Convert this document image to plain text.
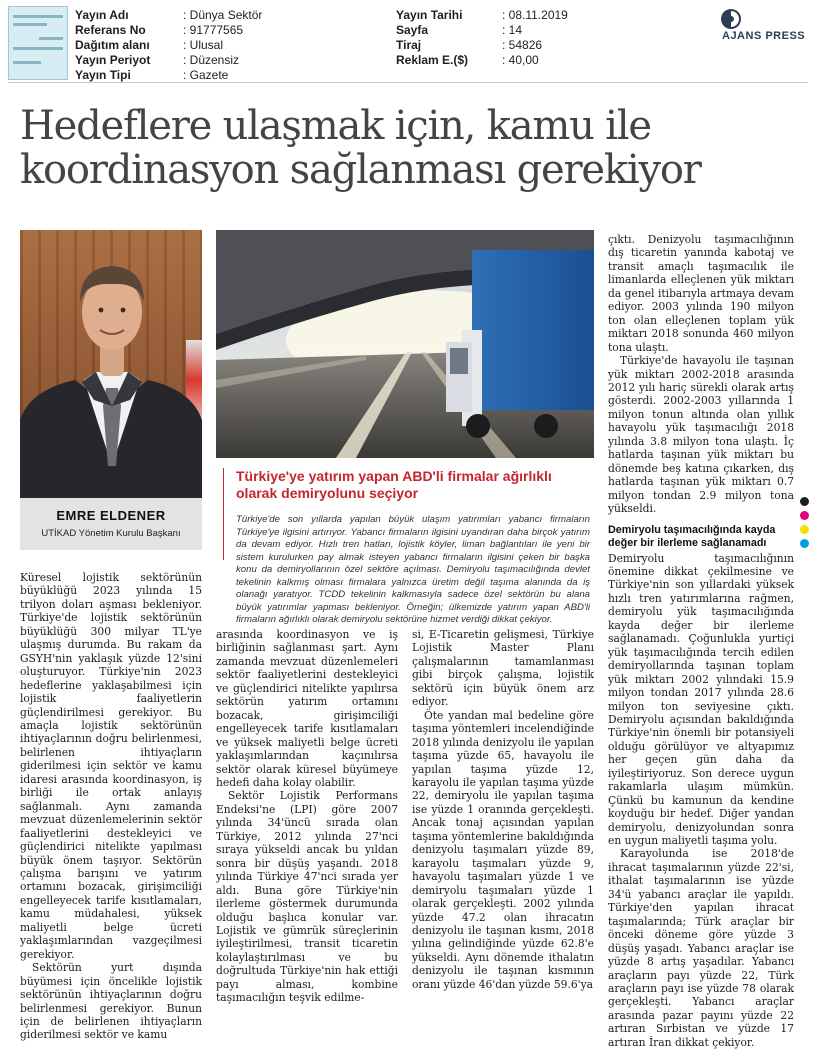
Yayın Adı	: Dünya Sektör
Referans No	: 91777565
Dağıtım alanı	: Ulusal
Yayın Periyot	: Düzensiz
Yayın Tipi	: Gazete
Yayın Tarihi	: 08.11.2019
Sayfa	: 14
Tiraj	: 54826
Reklam E.($)	: 40,00
AJANS PRESS
Hedeflere ulaşmak için, kamu ile koordinasyon sağlanması gerekiyor
EMRE ELDENER
UTİKAD Yönetim Kurulu Başkanı
Türkiye'ye yatırım yapan ABD'li firmalar ağırlıklı olarak demiryolunu seçiyor

Türkiye'de son yıllarda yapılan büyük ulaşım yatırımları yabancı firmaların Türkiye'ye ilgisini artırıyor. Yabancı firmaların ilgisini uyandıran daha birçok yatırım da devam ediyor. Hızlı tren hatları, lojistik köyler, liman bağlantıları ile yeni bir sistem kurulurken pay almak isteyen yabancı firmaların ilgisini çeken bir başka konu da demiryollarının özel sektöre açılması. Demiryolu taşımacılığında devlet tekelinin kalkmış olması firmalara yalnızca üretim değil taşıma alanında da iş olanağı yaratıyor. TCDD tekelinin kalkmasıyla sadece özel sektörün bu alana büyük yatırımlar yapması bekleniyor. Örneğin; ülkemizde yatırım yapan ABD'li firmaların ağırlıklı olarak demiryolu sektörüne hizmet verdiği dikkat çekiyor.

Küresel lojistik sektörünün büyüklüğü 2023 yılında 15 trilyon doları aşması bekleniyor. Türkiye'de lojistik sektörünün büyüklüğü 300 milyar TL'ye ulaşmış durumda. Bu rakam da GSYH'nin yaklaşık yüzde 12'sini oluşturuyor. Türkiye'nin 2023 hedeflerine yaklaşabilmesi için lojistik faaliyetlerin güçlendirilmesi gerekiyor. Bu amaçla lojistik sektörünün ihtiyaçlarının doğru belirlenmesi, belirlenen ihtiyaçların giderilmesi için sektör ve kamu idaresi arasında koordinasyon, iş birliği ile ortak anlayış sağlanmalı. Aynı zamanda mevzuat düzenlemelerinin sektör faaliyetlerini destekleyici ve güçlendirici nitelikte yapılması büyük önem taşıyor. Sektörün çalışma barışını ve yatırım ortamını bozacak, girişimciliği engelleyecek tarife kısıtlamaları, kamu müdahalesi, yüksek maliyetli belge ücreti yaklaşımlarından vazgeçilmesi gerekiyor.

Sektörün yurt dışında büyümesi için öncelikle lojistik sektörünün ihtiyaçlarının doğru belirlenmesi gerekiyor. Bunun için de belirlenen ihtiyaçların giderilmesi sektör ve kamu

arasında koordinasyon ve iş birliğinin sağlanması şart. Aynı zamanda mevzuat düzenlemeleri sektör faaliyetlerini destekleyici ve güçlendirici nitelikte yapılırsa sektörün yatırım ortamını bozacak, girişimciliği engelleyecek tarife kısıtlamaları ve yüksek maliyetli belge ücreti yaklaşımlarından kaçınılırsa sektör olarak küresel büyümeye hedefi daha kolay olabilir.

Sektör Lojistik Performans Endeksi'ne (LPI) göre 2007 yılında 34'üncü sırada olan Türkiye, 2012 yılında 27'nci sıraya yükseldi ancak bu yıldan sonra bir düşüş yaşandı. 2018 yılında Türkiye 47'nci sırada yer aldı. Buna göre Türkiye'nin ilerleme göstermek durumunda olduğu başlıca konular var. Lojistik ve gümrük süreçlerinin iyileştirilmesi, transit ticaretin kolaylaştırılması ve bu doğrultuda Türkiye'nin hak ettiği payı alması, kombine taşımacılığın teşvik edilme-

si, E-Ticaretin gelişmesi, Türkiye Lojistik Master Planı çalışmalarının tamamlanması gibi birçok çalışma, lojistik sektörü için büyük önem arz ediyor.

Öte yandan mal bedeline göre taşıma yöntemleri incelendiğinde 2018 yılında denizyolu ile yapılan taşıma yüzde 65, havayolu ile yapılan taşıma yüzde 12, karayolu ile yapılan taşıma yüzde 22, demiryolu ile yapılan taşıma ise yüzde 1 oranında gerçekleşti. Ancak tonaj açısından yapılan taşıma yöntemlerine bakıldığında denizyolu taşımaları yüzde 89, karayolu taşımaları yüzde 9, havayolu taşımaları yüzde 1 ve demiryolu taşımaları yüzde 1 olarak gerçekleşti. 2002 yılında yüzde 47.2 olan ihracatın denizyolu ile taşınan kısmı, 2018 yılına gelindiğinde yüzde 62.8'e yükseldi. Aynı dönemde ithalatın denizyolu ile taşınan kısmının oranı yüzde 46'dan yüzde 59.6'ya

çıktı. Denizyolu taşımacılığının dış ticaretin yanında kabotaj ve transit amaçlı taşımacılık ile limanlarda elleçlenen yük miktarı da genel itibarıyla artmaya devam ediyor. 2003 yılında 190 milyon ton olan elleçlenen toplam yük miktarı 2018 sonunda 460 milyon tona ulaştı.

Türkiye'de havayolu ile taşınan yük miktarı 2002-2018 arasında 2012 yılı hariç sürekli olarak artış gösterdi. 2002-2003 yıllarında 1 milyon tonun altında olan yıllık havayolu yük taşımacılığı 2018 yılında 3.8 milyon tona ulaştı. İç hatlarda taşınan yük miktarı bu dönemde beş katına çıkarken, dış hatlarda taşınan yük miktarı 0.7 milyon tondan 2.9 milyon tona yükseldi.

Demiryolu taşımacılığında kayda değer bir ilerleme sağlanamadı

Demiryolu taşımacılığının önemine dikkat çekilmesine ve Türkiye'nin son yıllardaki yüksek hızlı tren yatırımlarına rağmen, demiryolu yük taşımacılığında kayda değer bir ilerleme sağlanamadı. Çoğunlukla yurtiçi yük taşımacılığında tercih edilen demiryollarında taşınan toplam yük miktarı 2002 yılındaki 15.9 milyon tondan 2017 yılında 28.6 milyon ton seviyesine çıktı. Demiryolu açısından bakıldığında Türkiye'nin önemli bir potansiyeli olduğu görülüyor ve altyapımız her geçen gün daha da iyileştiriyoruz. Son derece uygun rakamlarla ulaşım mümkün. Çünkü bu kamunun da kendine koyduğu bir hedef. Diğer yandan demiryolu, denizyolundan sonra en uygun maliyetli taşıma yolu.

Karayolunda ise 2018'de ihracat taşımalarının yüzde 22'si, ithalat taşımalarının ise yüzde 34'ü yabancı araçlar ile yapıldı. Türkiye'den yapılan ihracat taşımalarında; Türk araçlar bir önceki döneme göre yüzde 3 düşüş yaşadı. Yabancı araçlar ise yüzde 8 artış yaşadılar. Yabancı araçların payı yüzde 22, Türk araçların payı ise yüzde 78 olarak gerçekleşti. Yabancı araçlar arasında pazar payını yüzde 22 artıran Sırbistan ve yüzde 17 artıran İran dikkat çekiyor.
